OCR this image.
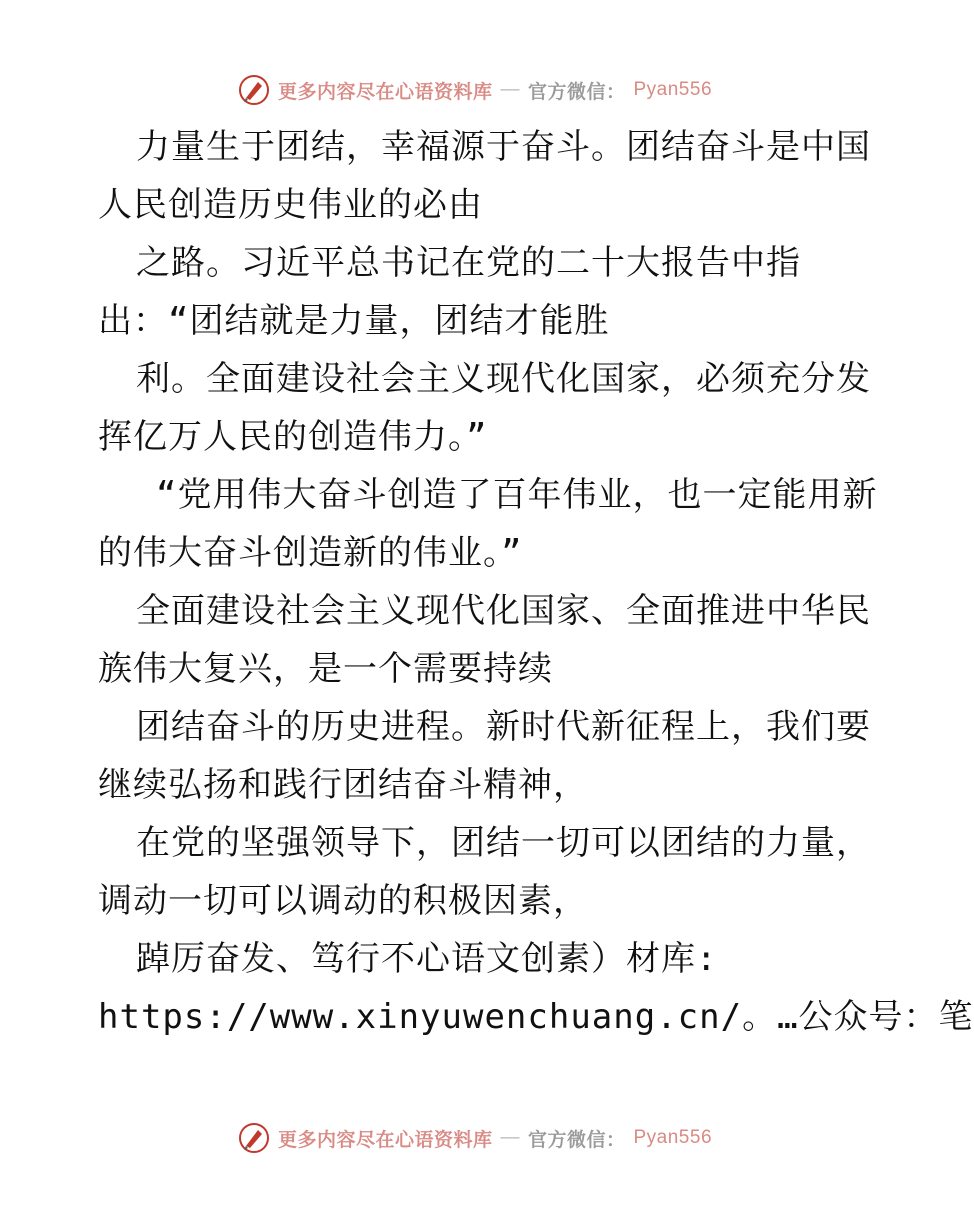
更多内容尽在心语资料库 — 官方微信： Pyan556
力量生于团结，幸福源于奋斗。团结奋斗是中国
人民创造历史伟业的必由
之路。习近平总书记在党的二十大报告中指
出：“团结就是力量，团结才能胜
利。全面建设社会主义现代化国家，必须充分发
挥亿万人民的创造伟力。”
“党用伟大奋斗创造了百年伟业，也一定能用新
的伟大奋斗创造新的伟业。”
全面建设社会主义现代化国家、全面推进中华民
族伟大复兴，是一个需要持续
团结奋斗的历史进程。新时代新征程上，我们要
继续弘扬和践行团结奋斗精神，
在党的坚强领导下，团结一切可以团结的力量，
调动一切可以调动的积极因素，
踔厉奋发、笃行不心语文创素）材库:
https://www.xinyuwenchuang.cn/。…公众号：笔
更多内容尽在心语资料库 — 官方微信： Pyan556
